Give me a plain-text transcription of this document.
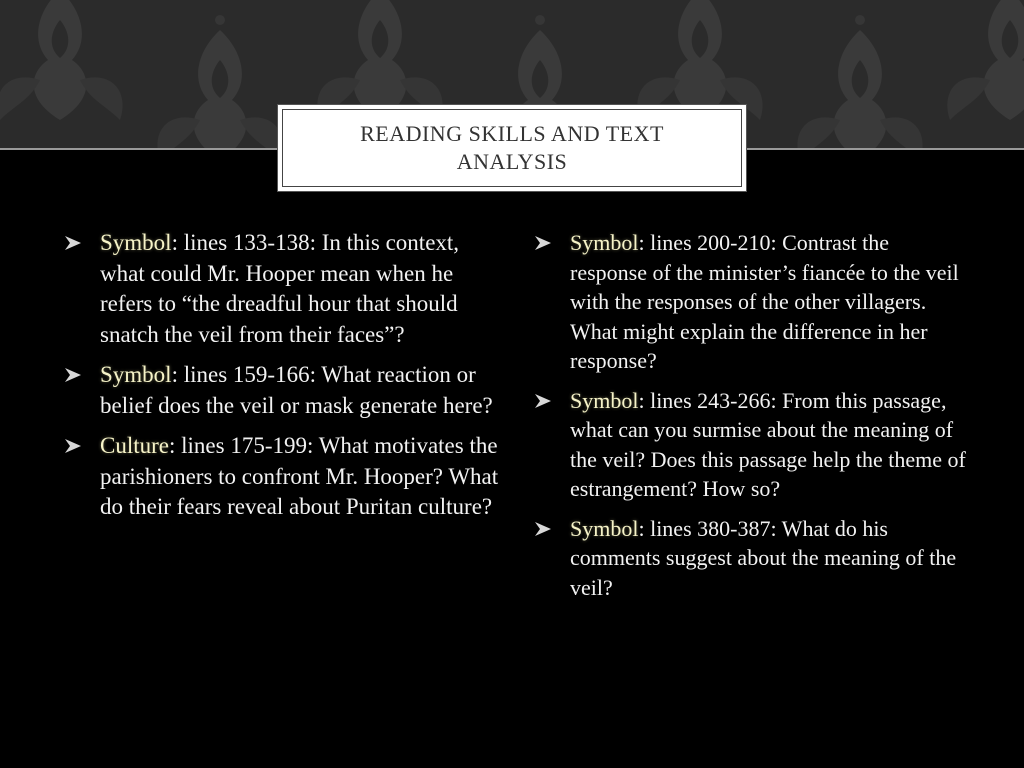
READING SKILLS AND TEXT ANALYSIS
Symbol: lines 133-138: In this context, what could Mr. Hooper mean when he refers to “the dreadful hour that should snatch the veil from their faces”?
Symbol: lines 159-166: What reaction or belief does the veil or mask generate here?
Culture: lines 175-199: What motivates the parishioners to confront Mr. Hooper? What do their fears reveal about Puritan culture?
Symbol: lines 200-210: Contrast the response of the minister’s fiancée to the veil with the responses of the other villagers. What might explain the difference in her response?
Symbol: lines 243-266: From this passage, what can you surmise about the meaning of the veil? Does this passage help the theme of estrangement? How so?
Symbol: lines 380-387: What do his comments suggest about the meaning of the veil?
